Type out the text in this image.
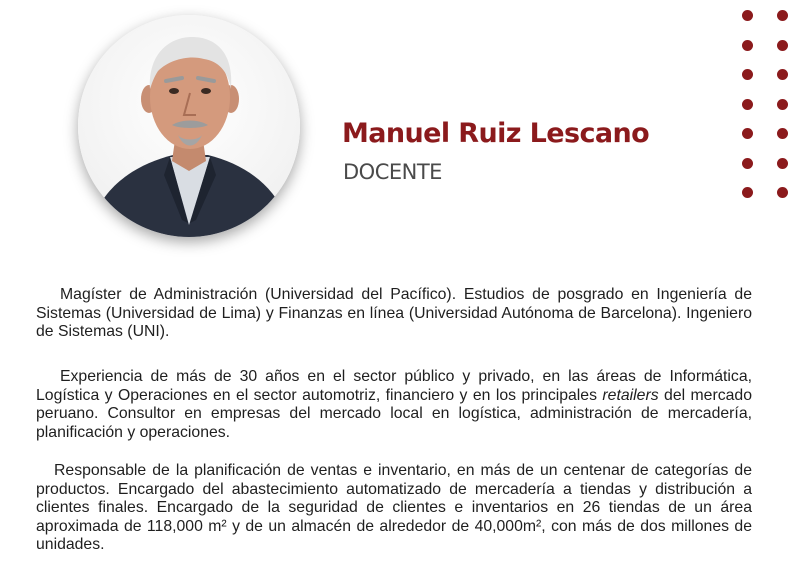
Manuel Ruiz Lescano
DOCENTE

Magíster de Administración (Universidad del Pacífico). Estudios de posgrado en Ingeniería de Sistemas (Universidad de Lima) y Finanzas en línea (Universidad Autónoma de Barcelona). Ingeniero de Sistemas (UNI).

Experiencia de más de 30 años en el sector público y privado, en las áreas de Informática, Logística y Operaciones en el sector automotriz, financiero y en los principales retailers del mercado peruano. Consultor en empresas del mercado local en logística, administración de mercadería, planificación y operaciones.

Responsable de la planificación de ventas e inventario, en más de un centenar de categorías de productos. Encargado del abastecimiento automatizado de mercadería a tiendas y distribución a clientes finales. Encargado de la seguridad de clientes e inventarios en 26 tiendas de un área aproximada de 118,000 m² y de un almacén de alrededor de 40,000m², con más de dos millones de unidades.
